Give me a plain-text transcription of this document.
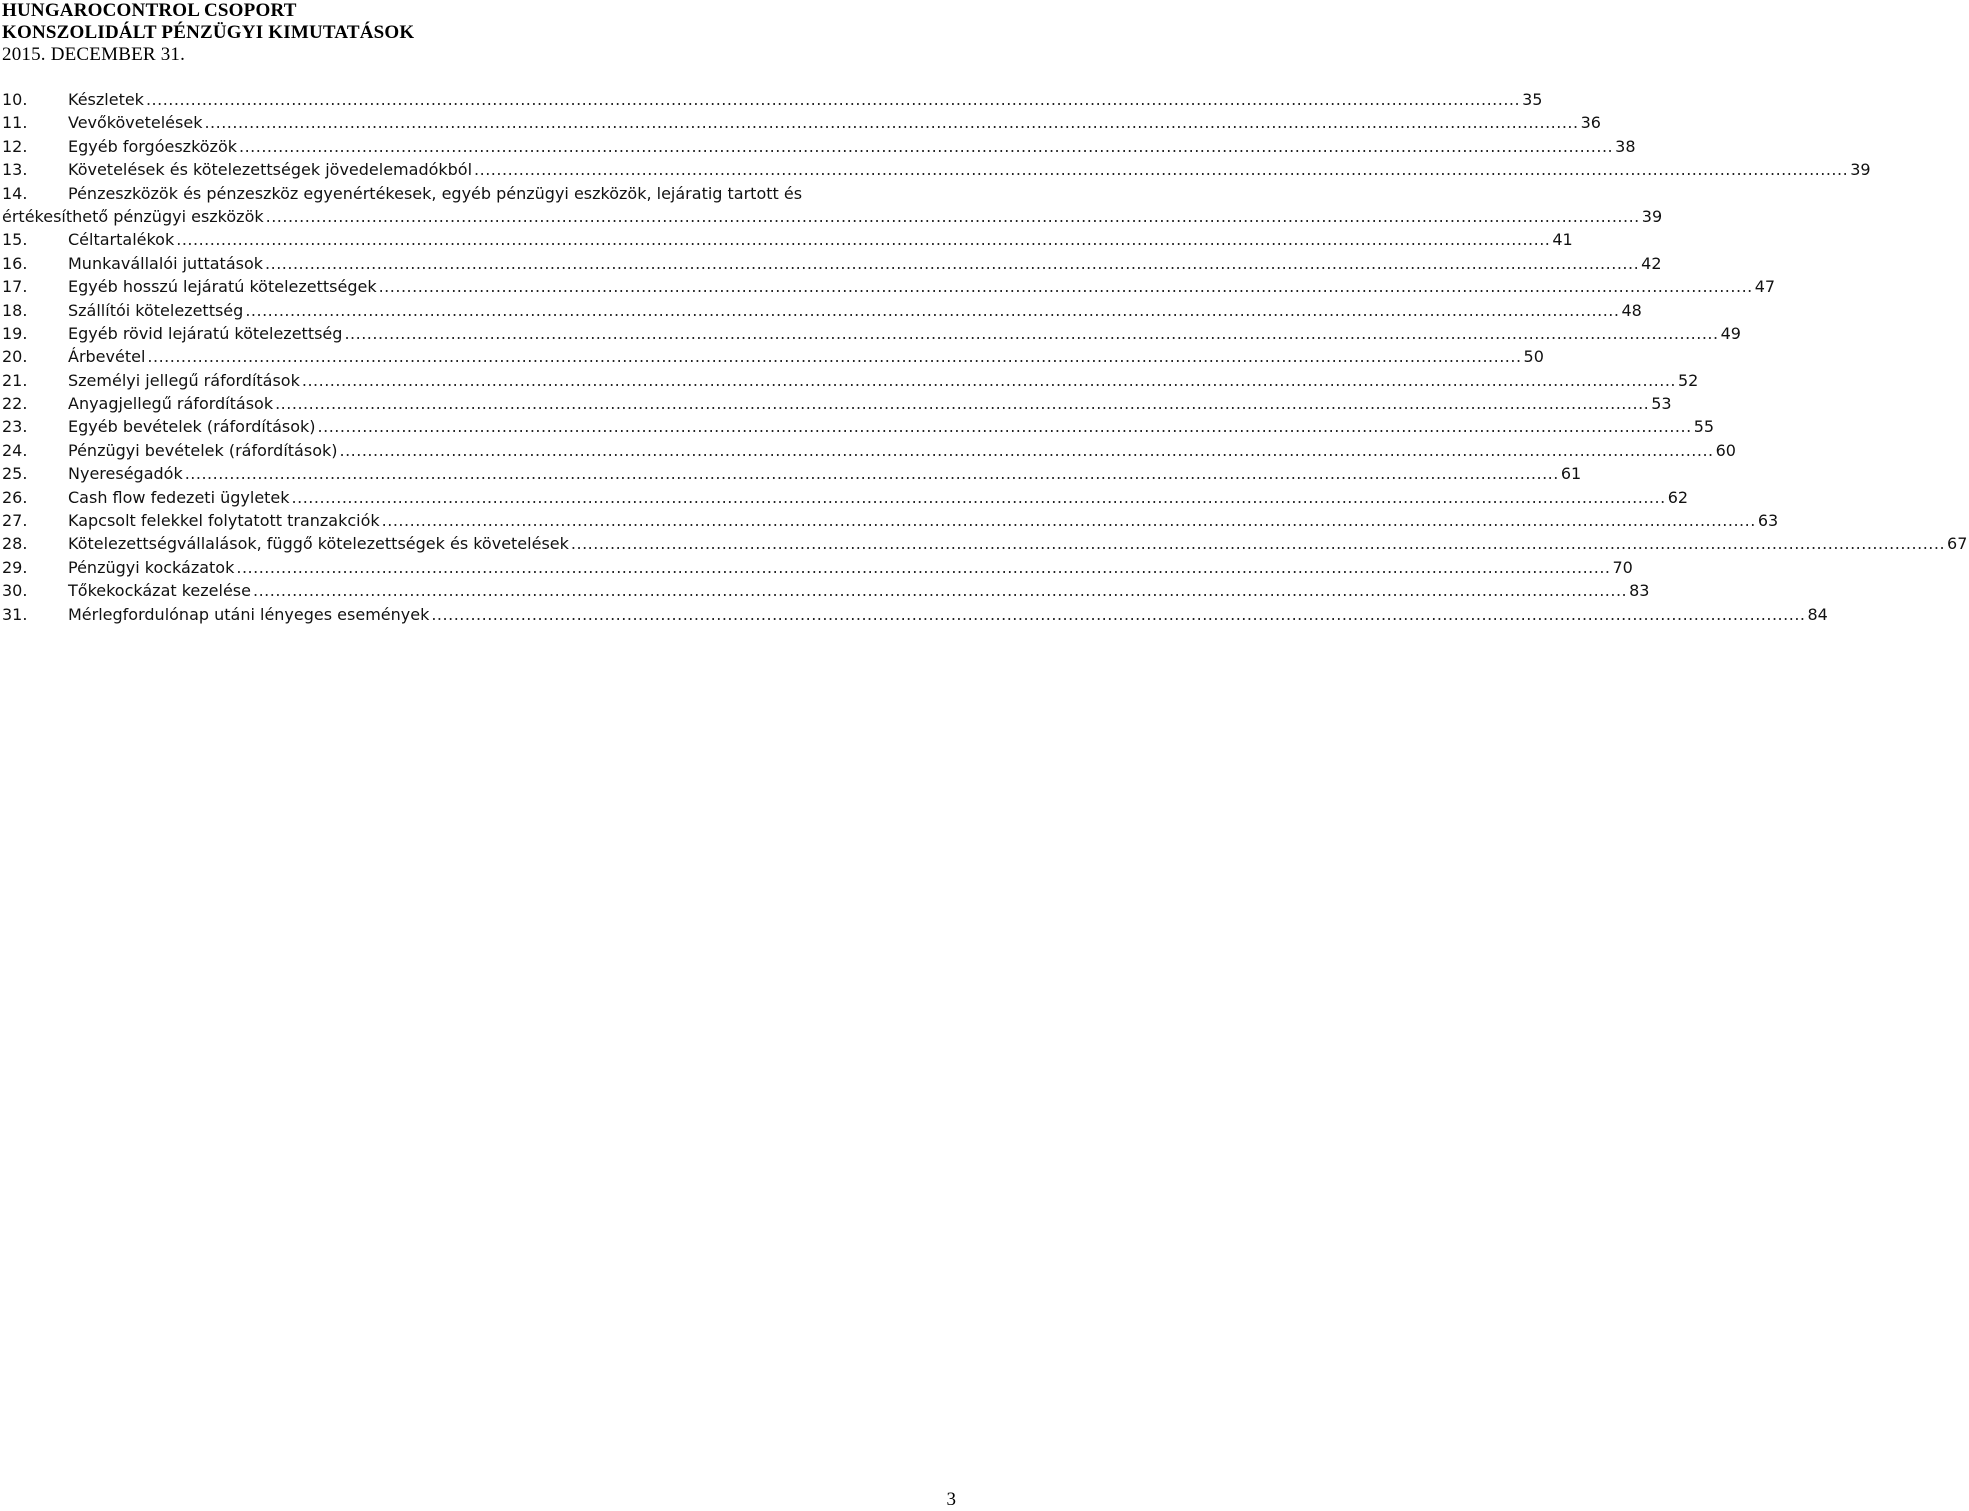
HUNGAROCONTROL CSOPORT
KONSZOLIDÁLT PÉNZÜGYI KIMUTATÁSOK
2015. DECEMBER 31.
10.	Készletek .....	35
11.	Vevőkövetelések .....	36
12.	Egyéb forgóeszközök .....	38
13.	Követelések és kötelezettségek jövedelemadókból .....	39
14.	Pénzeszközök és pénzeszköz egyenértékesek, egyéb pénzügyi eszközök, lejáratig tartott és
értékesíthető pénzügyi eszközök .....	39
15.	Céltartalékok .....	41
16.	Munkavállalói juttatások .....	42
17.	Egyéb hosszú lejáratú kötelezettségek .....	47
18.	Szállítói kötelezettség .....	48
19.	Egyéb rövid lejáratú kötelezettség .....	49
20.	Árbevétel .....	50
21.	Személyi jellegű ráfordítások .....	52
22.	Anyagjellegű ráfordítások .....	53
23.	Egyéb bevételek (ráfordítások) .....	55
24.	Pénzügyi bevételek (ráfordítások) .....	60
25.	Nyereségadók .....	61
26.	Cash flow fedezeti ügyletek .....	62
27.	Kapcsolt felekkel folytatott tranzakciók .....	63
28.	Kötelezettségvállalások, függő kötelezettségek és követelések .....	67
29.	Pénzügyi kockázatok .....	70
30.	Tőkekockázat kezelése .....	83
31.	Mérlegfordulónap utáni lényeges események .....	84
3
